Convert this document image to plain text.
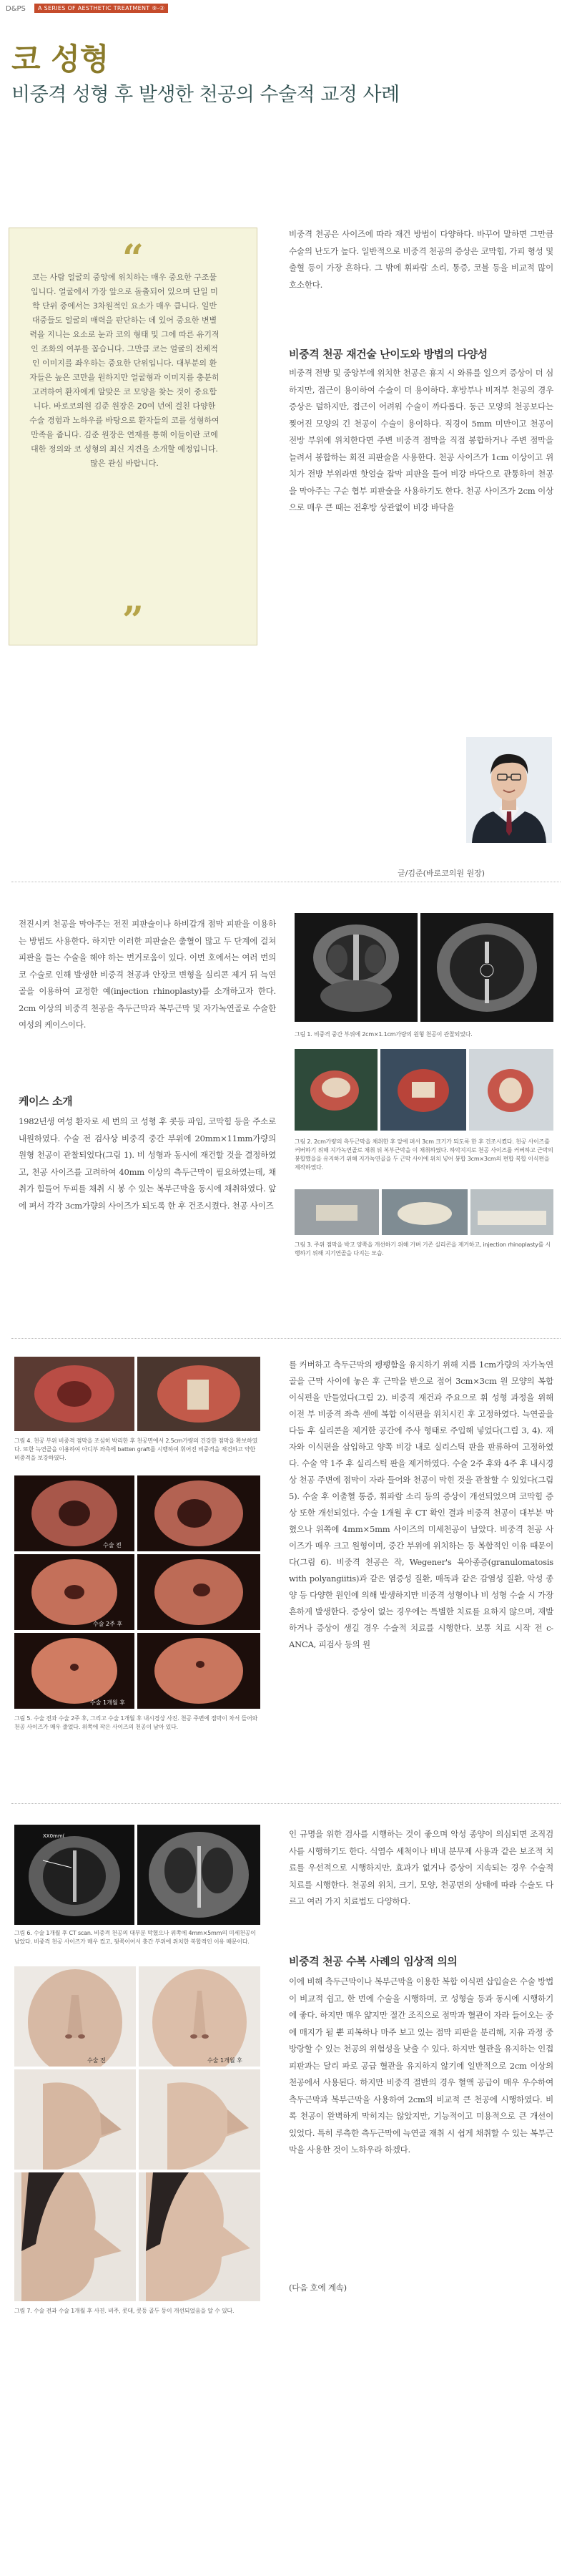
D&PS	A SERIES OF AESTHETIC TREATMENT ⑨-②
코 성형
비중격 성형 후 발생한 천공의 수술적 교정 사례
“
코는 사람 얼굴의 중앙에 위치하는 매우 중요한 구조물입니다. 얼굴에서 가장 앞으로 돌출되어 있으며 단일 미학 단위 중에서는 3차원적인 요소가 매우 큽니다. 일반 대중들도 얼굴의 매력을 판단하는 데 있어 중요한 변별력을 지니는 요소로 눈과 코의 형태 및 그에 따른 유기적인 조화의 여부를 꼽습니다. 그만큼 코는 얼굴의 전체적인 이미지를 좌우하는 중요한 단위입니다. 대부분의 환자들은 높은 코만을 원하지만 얼굴형과 이미지를 충분히 고려하여 환자에게 알맞은 코 모양을 찾는 것이 중요합니다. 바로코의원 김준 원장은 20여 년에 걸친 다양한 수술 경험과 노하우를 바탕으로 환자들의 코를 성형하여 만족을 줍니다. 김준 원장은 연재를 통해 이들이란 코에 대한 정의와 코 성형의 최신 지견을 소개할 예정입니다. 많은 관심 바랍니다.
”
비중격 천공은 사이즈에 따라 재건 방법이 다양하다. 바꾸어 말하면 그만큼 수술의 난도가 높다. 일반적으로 비중격 천공의 증상은 코막힘, 가피 형성 및 출혈 등이 가장 흔하다. 그 밖에 휘파람 소리, 통증, 코블 등을 비교적 많이 호소한다.
비중격 천공 재건술 난이도와 방법의 다양성
비중격 전방 및 중앙부에 위치한 천공은 휴지 시 와류를 일으켜 증상이 더 심하지만, 접근이 용이하여 수술이 더 용이하다. 후방부나 비저부 천공의 경우 증상은 덜하지만, 접근이 어려워 수술이 까다롭다. 동근 모양의 천공보다는 찢어진 모양의 긴 천공이 수술이 용이하다. 직경이 5mm 미만이고 천공이 전방 부위에 위치한다면 주변 비중격 점막을 직접 봉합하거나 주변 점막을 늘려서 봉합하는 회전 피판술을 사용한다. 천공 사이즈가 1cm 이상이고 위치가 전방 부위라면 핫얼술 잡막 피판을 들어 비강 바닥으로 관통하여 천공을 막아주는 구순 협부 피판술을 사용하기도 한다. 천공 사이즈가 2cm 이상으로 매우 큰 때는 전후방 상관없이 비강 바닥을
글/김준(바로코의원 원장)
전진시켜 천공을 막아주는 전진 피판술이나 하비갑개 점막 피판을 이용하는 방법도 사용한다. 하지만 이러한 피판술은 출혈이 많고 두 단계에 걸쳐 피판을 들는 수술을 해야 하는 번거로움이 있다. 이번 호에서는 여러 번의 코 수술로 인해 발생한 비중격 천공과 안장코 변형을 실리콘 제거 뒤 늑연골을 이용하여 교정한 예(injection rhinoplasty)를 소개하고자 한다. 2cm 이상의 비중격 천공을 측두근막과 복부근막 및 자가녹연골로 수술한 여성의 케이스이다.
케이스 소개
1982년생 여성 환자로 세 번의 코 성형 후 콧등 파임, 코막힘 등을 주소로 내원하였다. 수술 전 검사상 비중격 중간 부위에 20mm×11mm가량의 원형 천공이 관찰되었다(그림 1). 비 성형과 동시에 재건할 것을 결정하였고, 천공 사이즈를 고려하여 40mm 이상의 측두근막이 필요하였는데, 채취가 힘들어 두피를 채취 시 봉 수 있는 복부근막을 동시에 채취하였다. 앞에 펴서 각각 3cm가량의 사이즈가 되도록 한 후 건조시켰다. 천공 사이즈
그림 1. 비중격 중간 부위에 2cm×1.1cm가량의 원형 천공이 관찰되었다.
그림 2. 2cm가량의 측두근막을 채취한 후 앞에 펴서 3cm 크기가 되도록 한 후 건조시켰다. 천공 사이즈를 커버하기 위해 지가녹연골로 채취 뒤 복부근막을 이 채취하였다. 하악지지로 천공 사이즈를 커버하고 근막의 봉합했을을 유지하기 위해 지가녹연골을 두 근막 사이에 위치 넣어 봉합 3cm×3cm의 편합 복합 이식편을 제작하였다.
그림 3. 주위 점막을 박고 양쪽을 개선하기 위해 가벼 기존 실리콘을 제거하고, injection rhinoplasty를 시행하기 위해 지기연골을 다지는 모습.
그림 4. 천공 부위 비중격 점막을 조심히 박리한 후 천공면에서 2.5cm가량의 건강한 점막을 확보하였다. 또한 늑연골을 이용하여 아디부 좌측에 batten graft를 시행하여 휘어진 비중격을 재건하고 약한 비중격을 보강하였다.
수술 전
수술 2주 후
수술 1개월 후
그림 5. 수술 전과 수술 2주 후, 그리고 수술 1개월 후 내시경상 사진. 천공 주변에 점막이 차서 들어와 천공 사이즈가 매우 줄었다. 위쪽에 작은 사이즈의 천공이 남아 있다.
를 커버하고 측두근막의 펭팽함을 유지하기 위해 지름 1cm가량의 자가녹연골을 근막 사이에 놓은 후 근막을 반으로 접어 3cm×3cm 원 모양의 복합 이식편을 만들었다(그림 2). 비중격 재건과 주요으로 휘 성형 과정을 위해 이전 부 비중격 좌측 센에 복합 이식편을 위치시킨 후 고정하였다. 늑연골을 다듬 후 실리콘을 제거한 공간에 주사 형태로 주입해 넣었다(그림 3, 4). 재자와 이식편을 삽입하고 양쪽 비강 내로 실리스틱 판을 판류하여 고정하였다. 수술 약 1주 후 실리스틱 판을 제거하였다. 수술 2주 후와 4주 후 내시경상 천공 주변에 점막이 자라 들어와 천공이 막힌 것을 관찰할 수 있었다(그림 5). 수술 후 이출혈 통증, 휘파람 소리 등의 증상이 개선되었으며 코막힘 증상 또한 개선되었다. 수술 1개월 후 CT 확인 결과 비중격 천공이 대부분 막혔으나 위쪽에 4mm×5mm 사이즈의 미세천공이 남았다. 비중격 천공 사이즈가 매우 크고 원형이며, 중간 부위에 위치하는 등 복합적인 이유 때문이다(그림 6). 비중격 천공은 작, Wegener's 육아종증(granulomatosis with polyangiitis)과 같은 염증성 질환, 매독과 같은 감염성 질환, 악성 종양 등 다양한 원인에 의해 발생하지만 비중격 성형이나 비 성형 수술 시 가장 흔하게 발생한다. 증상이 없는 경우에는 특별한 치료를 요하지 않으며, 재발하거나 증상이 생길 경우 수술적 치료를 시행한다. 보통 치료 시작 전 c-ANCA, 피검사 등의 원
XX0mm(
그림 6. 수술 1개월 후 CT scan. 비중격 천공의 대부분 막혔으나 위쪽에 4mm×5mm의 미세천공이 남았다. 비중격 천공 사이즈가 매우 컸고, 뒷쪽이어서 충간 부위에 위치한 복합적인 이유 때문이다.
수술 전	수술 1개월 후
그림 7. 수술 전과 수술 1개월 후 사진. 비주, 콧대, 콧등 골두 등이 개선되었음을 알 수 있다.
인 규명을 위한 검사를 시행하는 것이 좋으며 악성 종양이 의심되면 조직검사를 시행하기도 한다. 식염수 세척이나 비내 분무제 사용과 같은 보조적 치료를 우선적으로 시행하지만, 효과가 없거나 증상이 지속되는 경우 수술적 치료를 시행한다. 천공의 위치, 크기, 모양, 천공면의 상태에 따라 수술도 다르고 여러 가지 치료법도 다양하다.
비중격 천공 수복 사례의 임상적 의의
이에 비해 측두근막이나 복부근막을 이용한 복합 이식편 삽입술은 수술 방법이 비교적 쉽고, 한 번에 수술을 시행하며, 코 성형술 등과 동시에 시행하기에 좋다. 하지만 매우 얇지만 절간 조직으로 점막과 혈관이 자라 들어오는 중에 매지가 될 뿐 피복하나 마주 보고 있는 점막 피판을 분리해, 지유 과정 중 방랑할 수 있는 천공의 위험성을 낮출 수 있다. 하지만 혈관을 유지하는 인접 피판과는 달리 파로 공급 혈관을 유지하지 않기에 일반적으로 2cm 이상의 천공에서 사용된다. 하지만 비중격 절반의 경우 혈액 공급이 매우 우수하여 측두근막과 복부근막을 사용하여 2cm의 비교적 큰 천공에 시행하였다. 비록 천공이 완벽하게 막히지는 않았지만, 기능적이고 미용적으로 큰 개선이 있었다. 특히 루측한 측두근막에 늑연골 재취 시 쉽게 채취할 수 있는 복부근막을 사용한 것이 노하우라 하겠다.
(다음 호에 계속)
